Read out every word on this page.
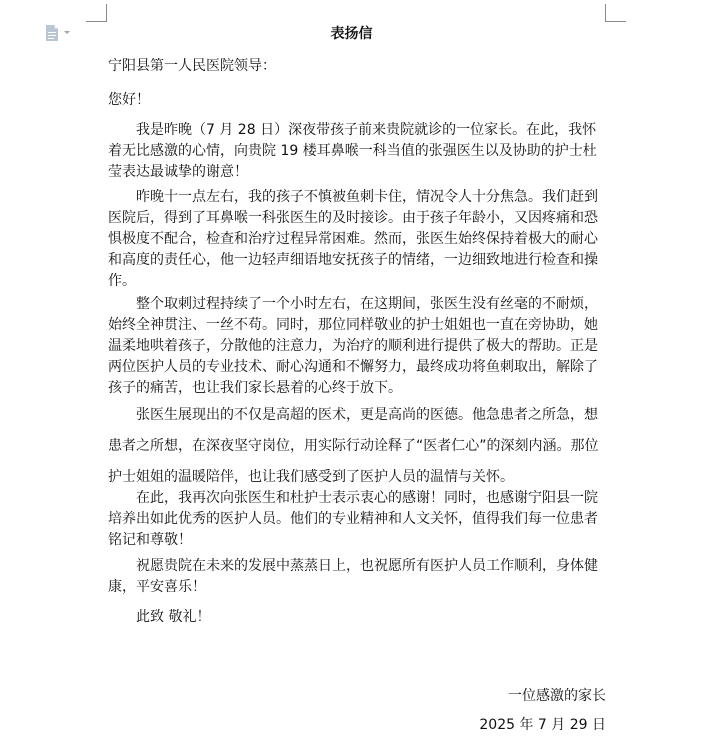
表扬信
宁阳县第一人民医院领导：
您好！

我是昨晚（7 月 28 日）深夜带孩子前来贵院就诊的一位家长。在此，我怀着无比感激的心情，向贵院 19 楼耳鼻喉一科当值的张强医生以及协助的护士杜莹表达最诚挚的谢意！

昨晚十一点左右，我的孩子不慎被鱼刺卡住，情况令人十分焦急。我们赶到医院后，得到了耳鼻喉一科张医生的及时接诊。由于孩子年龄小，又因疼痛和恐惧极度不配合，检查和治疗过程异常困难。然而，张医生始终保持着极大的耐心和高度的责任心，他一边轻声细语地安抚孩子的情绪，一边细致地进行检查和操作。

整个取刺过程持续了一个小时左右，在这期间，张医生没有丝毫的不耐烦，始终全神贯注、一丝不苟。同时，那位同样敬业的护士姐姐也一直在旁协助，她温柔地哄着孩子，分散他的注意力，为治疗的顺利进行提供了极大的帮助。正是两位医护人员的专业技术、耐心沟通和不懈努力，最终成功将鱼刺取出，解除了孩子的痛苦，也让我们家长悬着的心终于放下。

张医生展现出的不仅是高超的医术，更是高尚的医德。他急患者之所急，想患者之所想，在深夜坚守岗位，用实际行动诠释了“医者仁心”的深刻内涵。那位护士姐姐的温暖陪伴，也让我们感受到了医护人员的温情与关怀。

在此，我再次向张医生和杜护士表示衷心的感谢！同时，也感谢宁阳县一院培养出如此优秀的医护人员。他们的专业精神和人文关怀，值得我们每一位患者铭记和尊敬！

祝愿贵院在未来的发展中蒸蒸日上，也祝愿所有医护人员工作顺利，身体健康，平安喜乐！

此致 敬礼！
一位感激的家长
2025 年 7 月 29 日
